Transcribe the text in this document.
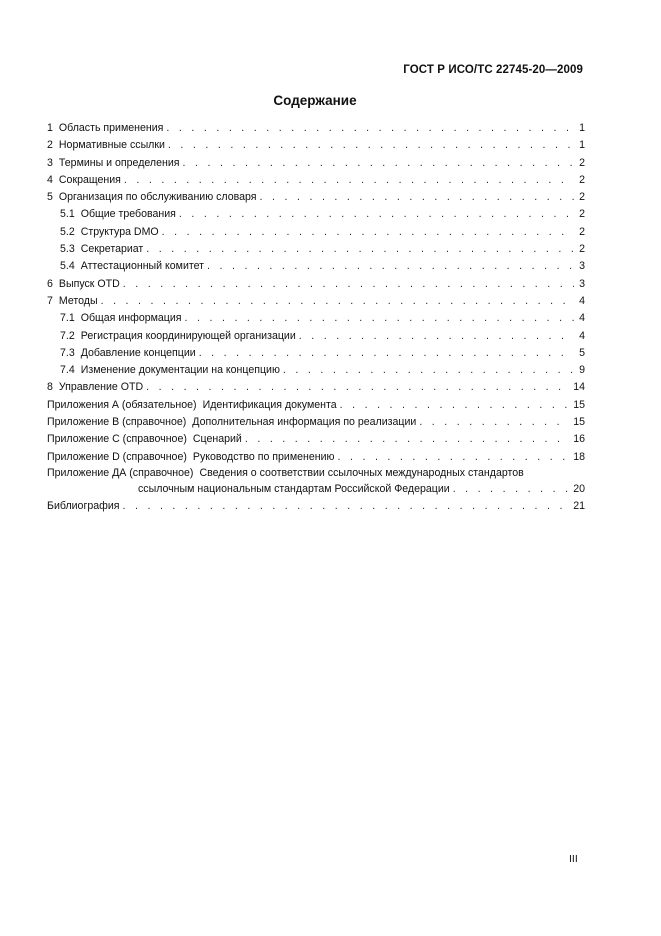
ГОСТ Р ИСО/ТС 22745-20—2009
Содержание
1 Область применения . . .	1
2 Нормативные ссылки . . .	1
3 Термины и определения . . .	2
4 Сокращения . . .	2
5 Организация по обслуживанию словаря . . .	2
5.1 Общие требования . . .	2
5.2 Структура DMO . . .	2
5.3 Секретариат . . .	2
5.4 Аттестационный комитет . . .	3
6 Выпуск OTD . . .	3
7 Методы . . .	4
7.1 Общая информация . . .	4
7.2 Регистрация координирующей организации . . .	4
7.3 Добавление концепции . . .	5
7.4 Изменение документации на концепцию . . .	9
8 Управление OTD . . .	14
Приложения А (обязательное) Идентификация документа . . .	15
Приложение В (справочное) Дополнительная информация по реализации . . .	15
Приложение С (справочное) Сценарий . . .	16
Приложение D (справочное) Руководство по применению . . .	18
Приложение ДА (справочное) Сведения о соответствии ссылочных международных стандартов
ссылочным национальным стандартам Российской Федерации . . .	20
Библиография . . .	21
III
